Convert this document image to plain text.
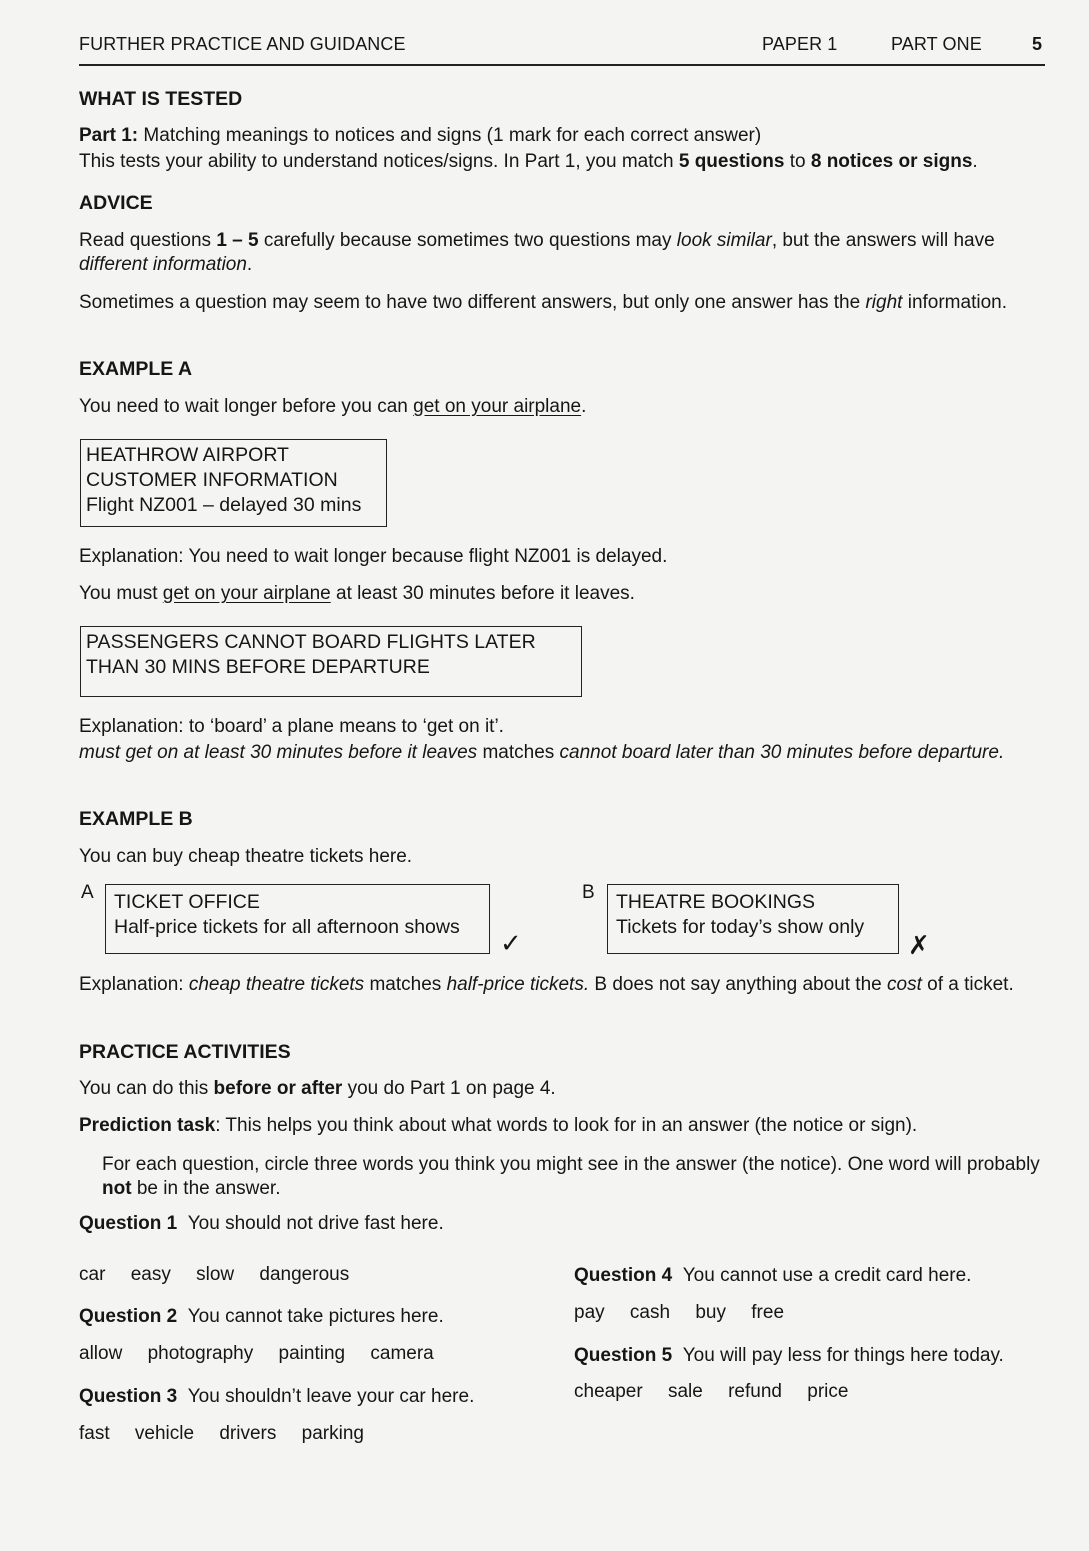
FURTHER PRACTICE AND GUIDANCE	PAPER 1	PART ONE	5
WHAT IS TESTED
Part 1: Matching meanings to notices and signs (1 mark for each correct answer)
This tests your ability to understand notices/signs. In Part 1, you match 5 questions to 8 notices or signs.
ADVICE
Read questions 1 – 5 carefully because sometimes two questions may look similar, but the answers will have different information.
Sometimes a question may seem to have two different answers, but only one answer has the right information.
EXAMPLE A
You need to wait longer before you can get on your airplane.
HEATHROW AIRPORT
CUSTOMER INFORMATION
Flight NZ001 – delayed 30 mins
Explanation: You need to wait longer because flight NZ001 is delayed.
You must get on your airplane at least 30 minutes before it leaves.
PASSENGERS CANNOT BOARD FLIGHTS LATER
THAN 30 MINS BEFORE DEPARTURE
Explanation: to ‘board’ a plane means to ‘get on it’.
must get on at least 30 minutes before it leaves matches cannot board later than 30 minutes before departure.
EXAMPLE B
You can buy cheap theatre tickets here.
A TICKET OFFICE
Half-price tickets for all afternoon shows
✓
B THEATRE BOOKINGS
Tickets for today’s show only
✗
Explanation: cheap theatre tickets matches half-price tickets. B does not say anything about the cost of a ticket.
PRACTICE ACTIVITIES
You can do this before or after you do Part 1 on page 4.
Prediction task: This helps you think about what words to look for in an answer (the notice or sign).
For each question, circle three words you think you might see in the answer (the notice). One word will probably not be in the answer.
Question 1 You should not drive fast here.
car easy slow dangerous
Question 2 You cannot take pictures here.
allow photography painting camera
Question 3 You shouldn’t leave your car here.
fast vehicle drivers parking
Question 4 You cannot use a credit card here.
pay cash buy free
Question 5 You will pay less for things here today.
cheaper sale refund price
